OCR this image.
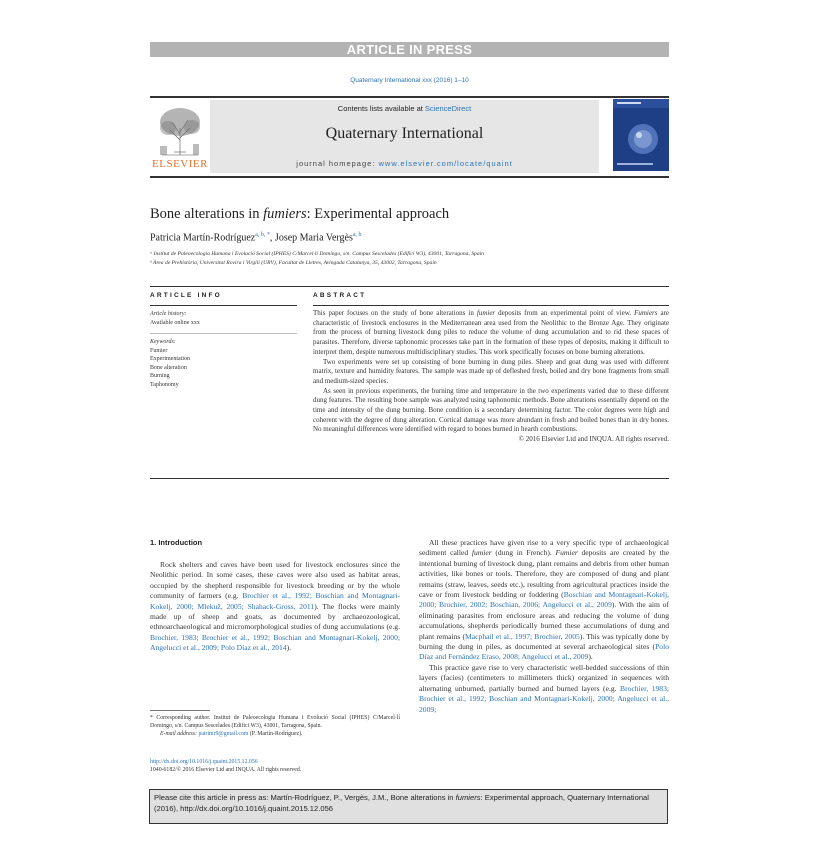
ARTICLE IN PRESS
Quaternary International xxx (2016) 1–10
ELSEVIER
Contents lists available at ScienceDirect
Quaternary International
journal homepage: www.elsevier.com/locate/quaint
Bone alterations in fumiers: Experimental approach
Patricia Martín-Rodríguez$^{a, b, *}$, Josep Maria Vergès$^{a, b}$
ᵃ Institut de Paleoecologia Humana i Evolució Social (IPHES) C/Marcel·lí Domingo, s/n. Campus Sescelades (Edifici W3), 43001, Tarragona, Spain
ᵇ Àrea de Prehistòria, Universitat Rovira i Virgili (URV), Facultat de Lletres, Avinguda Catalunya, 35, 43002, Tarragona, Spain
ARTICLE INFO	ABSTRACT
Article history:
Available online xxx
Keywords:
Fumier
Experimentation
Bone alteration
Burning
Taphonomy

This paper focuses on the study of bone alterations in fumier deposits from an experimental point of view. Fumiers are characteristic of livestock enclosures in the Mediterranean area used from the Neolithic to the Bronze Age. They originate from the process of burning livestock dung piles to reduce the volume of dung accumulation and to rid these spaces of parasites. Therefore, diverse taphonomic processes take part in the formation of these types of deposits, making it difficult to interpret them, despite numerous multidisciplinary studies. This work specifically focuses on bone burning alterations.

Two experiments were set up consisting of bone burning in dung piles. Sheep and goat dung was used with different matrix, texture and humidity features. The sample was made up of defleshed fresh, boiled and dry bone fragments from small and medium-sized species.

As seen in previous experiments, the burning time and temperature in the two experiments varied due to these different dung features. The resulting bone sample was analyzed using taphonomic methods. Bone alterations essentially depend on the time and intensity of the dung burning. Bone condition is a secondary determining factor. The color degrees were high and coherent with the degree of dung alteration. Cortical damage was more abundant in fresh and boiled bones than in dry bones. No meaningful differences were identified with regard to bones burned in hearth combustions.

© 2016 Elsevier Ltd and INQUA. All rights reserved.

1. Introduction

Rock shelters and caves have been used for livestock enclosures since the Neolithic period. In some cases, these caves were also used as habitat areas, occupied by the shepherd responsible for livestock breeding or by the whole community of farmers (e.g. Brochier et al., 1992; Boschian and Montagnari-Kokelj, 2000; Mlekuž, 2005; Shahack-Gross, 2011). The flocks were mainly made up of sheep and goats, as documented by archaeozoological, ethnoarchaeological and micromorphological studies of dung accumulations (e.g. Brochier, 1983; Brochier et al., 1992; Boschian and Montagnari-Kokelj, 2000; Angelucci et al., 2009; Polo Díaz et al., 2014).

All these practices have given rise to a very specific type of archaeological sediment called fumier (dung in French). Fumier deposits are created by the intentional burning of livestock dung, plant remains and debris from other human activities, like bones or tools. Therefore, they are composed of dung and plant remains (straw, leaves, seeds etc.), resulting from agricultural practices inside the cave or from livestock bedding or foddering (Boschian and Montagnari-Kokelj, 2000; Brochier, 2002; Boschian, 2006; Angelucci et al., 2009). With the aim of eliminating parasites from enclosure areas and reducing the volume of dung accumulations, shepherds periodically burned these accumulations of dung and plant remains (Macphail et al., 1997; Brochier, 2005). This was typically done by burning the dung in piles, as documented at several archaeological sites (Polo Díaz and Fernández Eraso, 2008; Angelucci et al., 2009).

This practice gave rise to very characteristic well-bedded successions of thin layers (facies) (centimeters to millimeters thick) organized in sequences with alternating unburned, partially burned and burned layers (e.g. Brochier, 1983; Brochier et al., 1992; Boschian and Montagnari-Kokelj, 2000; Angelucci et al., 2009;

* Corresponding author. Institut de Paleoecologia Humana i Evolució Social (IPHES) C/Marcel·lí Domingo, s/n. Campus Sescelades (Edifici W3), 43001, Tarragona, Spain.

E-mail address: patrimr9@gmail.com (P. Martín-Rodríguez).

http://dx.doi.org/10.1016/j.quaint.2015.12.056

1040-6182/© 2016 Elsevier Ltd and INQUA. All rights reserved.

Please cite this article in press as: Martín-Rodríguez, P., Vergès, J.M., Bone alterations in fumiers: Experimental approach, Quaternary International (2016), http://dx.doi.org/10.1016/j.quaint.2015.12.056
